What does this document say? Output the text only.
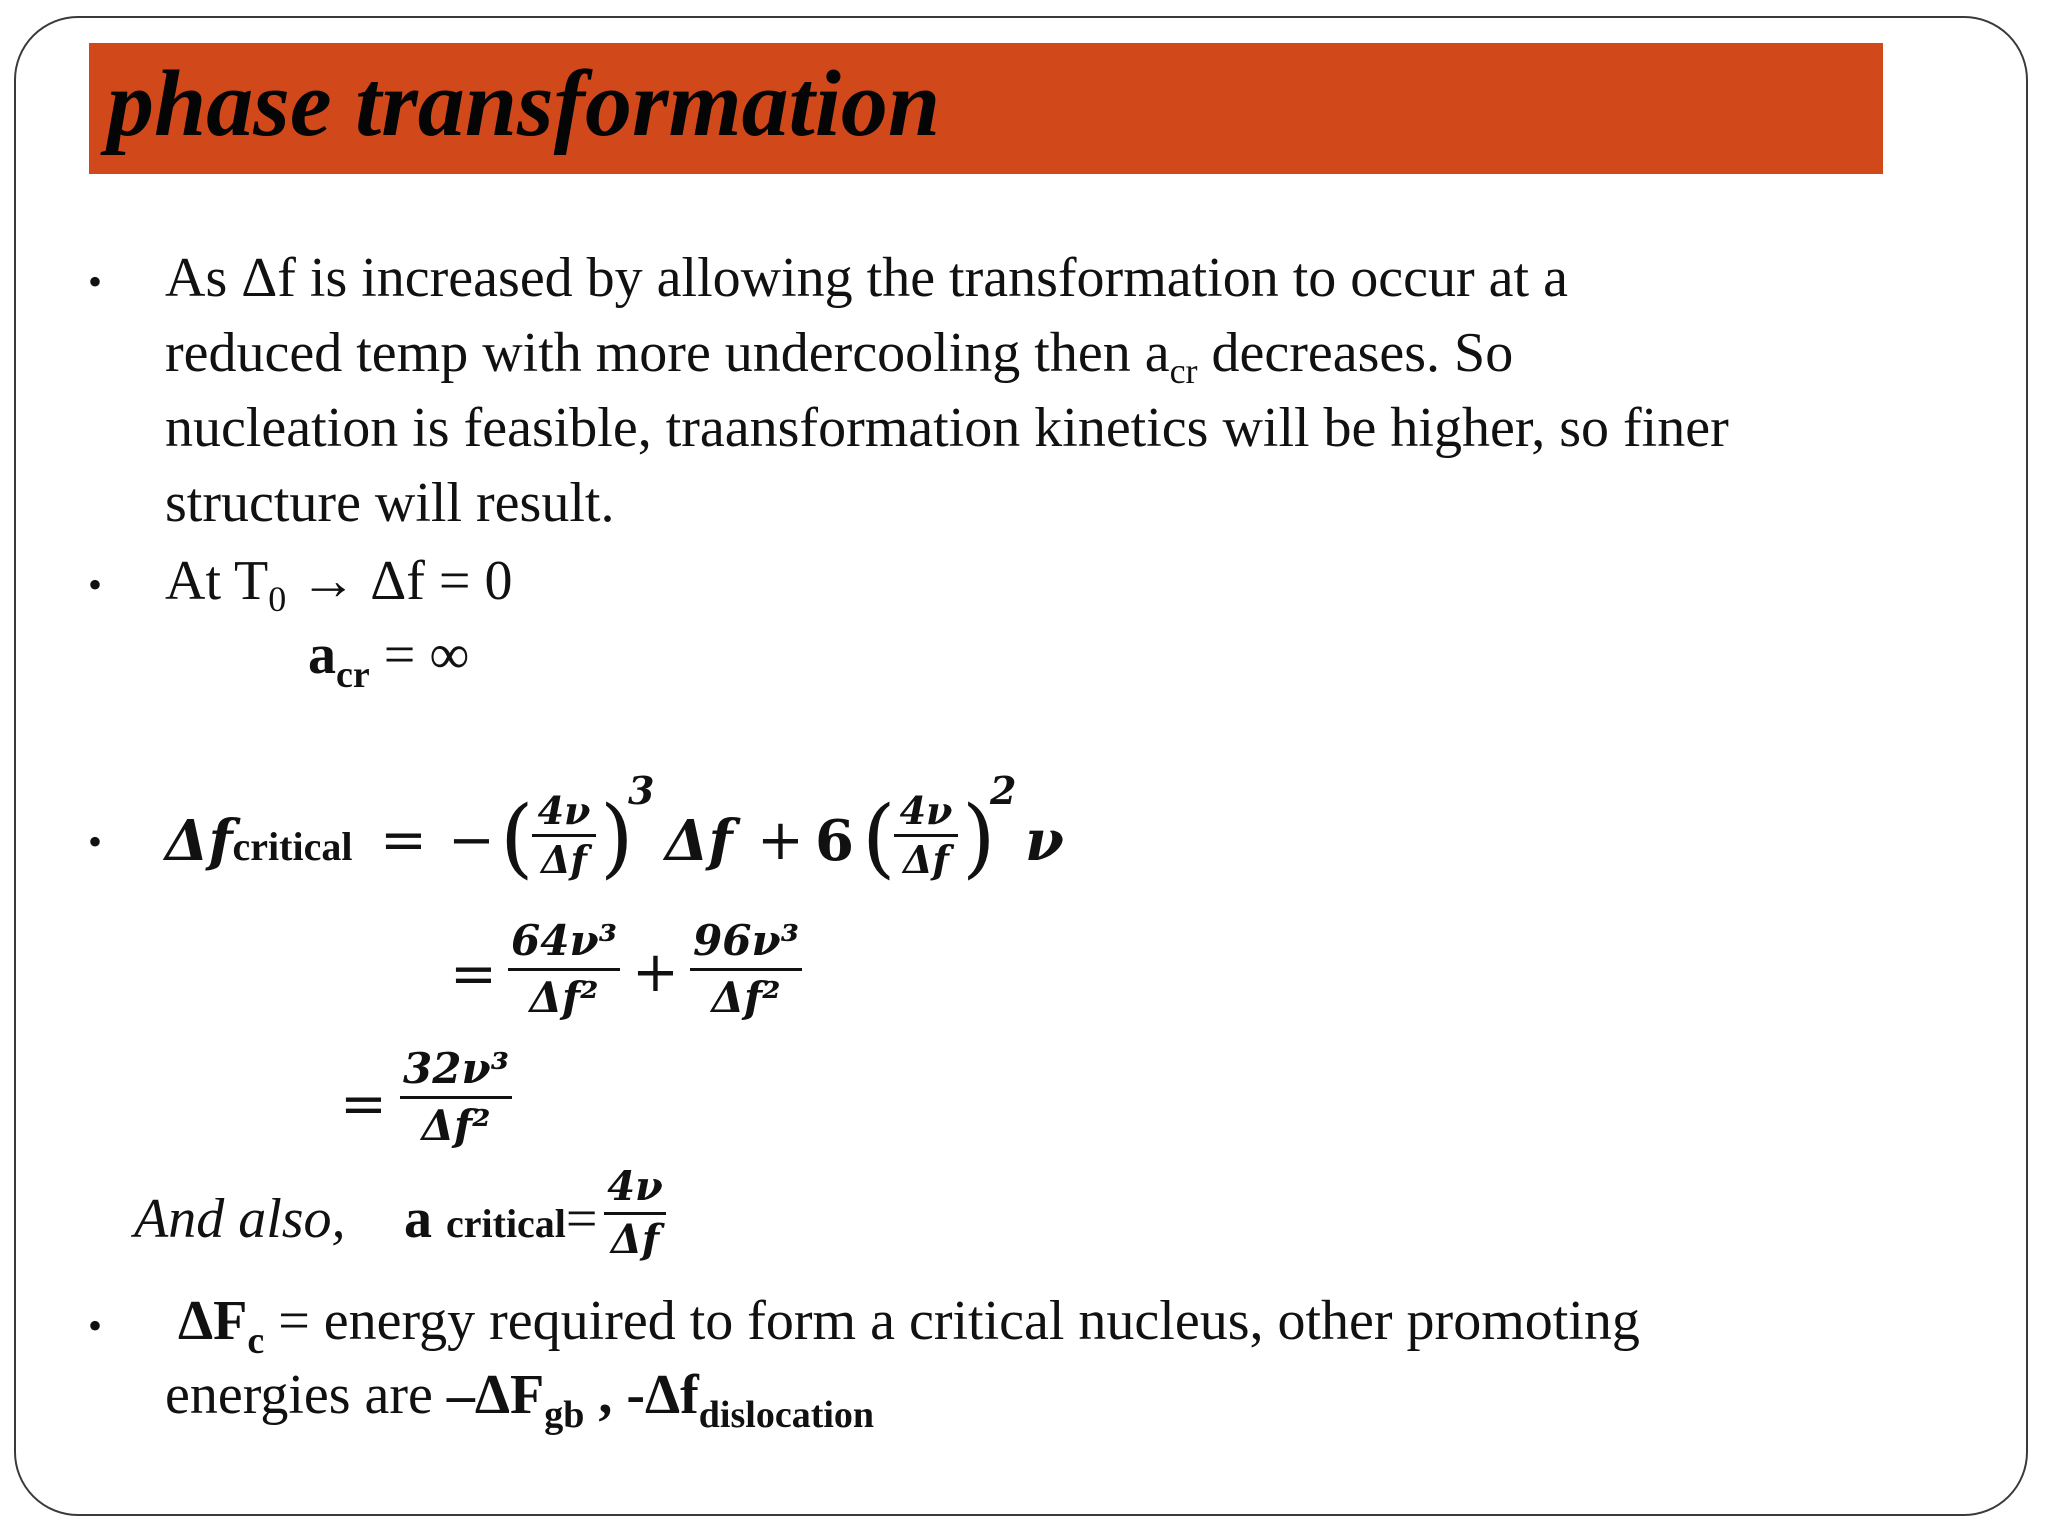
phase transformation
• As Δf is increased by allowing the transformation to occur at a
reduced temp with more undercooling then $a_{cr}$ decreases. So
nucleation is feasible, traansformation kinetics will be higher, so finer
structure will result.
• At $T_0 \to \Delta f = 0$
$a_{cr}$ = ∞
• Δfcritical = − ( 4ν
Δf )
3
Δf + 6 ( 4ν
Δf )
2
ν
=
64ν³
Δf² + 96ν³
Δf²
=
32ν³
Δf²
And also, a critical=
4ν
Δf
• $\Delta F_c$ = energy required to form a critical nucleus, other promoting
energies are $-\Delta F_{gb}$ , $-\Delta f_{dislocation}$
